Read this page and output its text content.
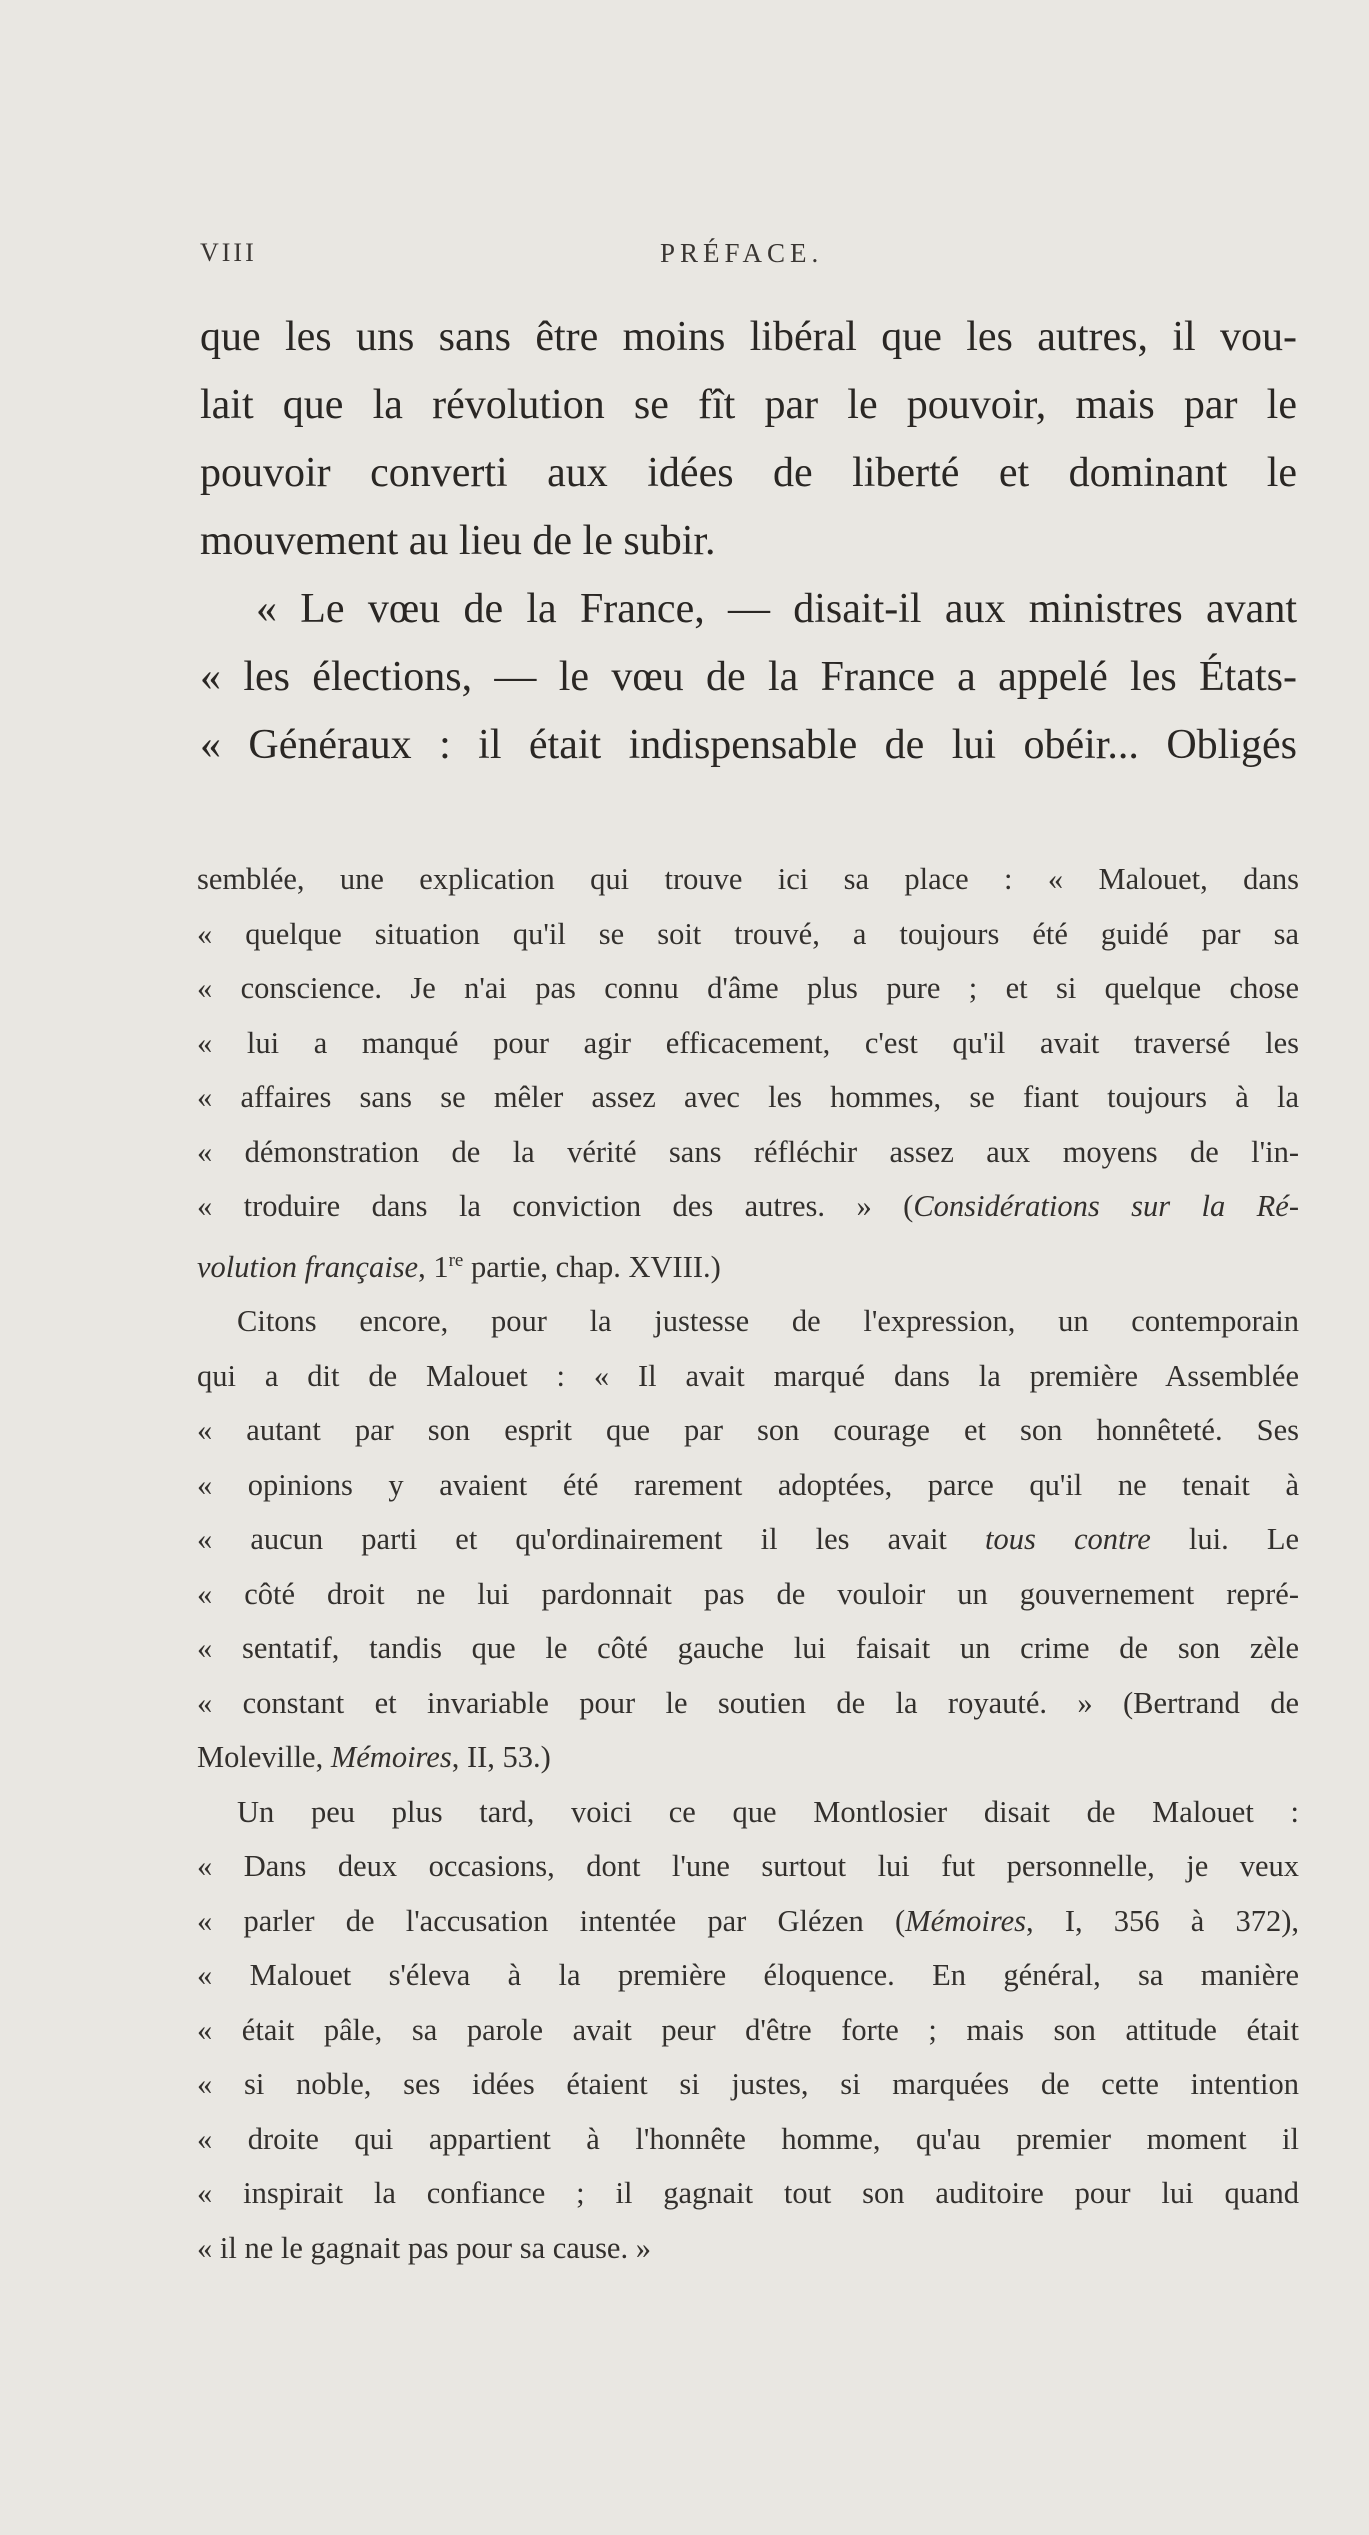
VIII	PRÉFACE.

que les uns sans être moins libéral que les autres, il vou-
lait que la révolution se fît par le pouvoir, mais par le
pouvoir converti aux idées de liberté et dominant le
mouvement au lieu de le subir.

« Le vœu de la France, — disait-il aux ministres avant
« les élections, — le vœu de la France a appelé les États-
« Généraux : il était indispensable de lui obéir... Obligés

semblée, une explication qui trouve ici sa place : « Malouet, dans
« quelque situation qu'il se soit trouvé, a toujours été guidé par sa
« conscience. Je n'ai pas connu d'âme plus pure ; et si quelque chose
« lui a manqué pour agir efficacement, c'est qu'il avait traversé les
« affaires sans se mêler assez avec les hommes, se fiant toujours à la
« démonstration de la vérité sans réfléchir assez aux moyens de l'in-
« troduire dans la conviction des autres. » (Considérations sur la Ré-
volution française, 1re partie, chap. XVIII.)

Citons encore, pour la justesse de l'expression, un contemporain
qui a dit de Malouet : « Il avait marqué dans la première Assemblée
« autant par son esprit que par son courage et son honnêteté. Ses
« opinions y avaient été rarement adoptées, parce qu'il ne tenait à
« aucun parti et qu'ordinairement il les avait tous contre lui. Le
« côté droit ne lui pardonnait pas de vouloir un gouvernement repré-
« sentatif, tandis que le côté gauche lui faisait un crime de son zèle
« constant et invariable pour le soutien de la royauté. » (Bertrand de
Moleville, Mémoires, II, 53.)

Un peu plus tard, voici ce que Montlosier disait de Malouet :
« Dans deux occasions, dont l'une surtout lui fut personnelle, je veux
« parler de l'accusation intentée par Glézen (Mémoires, I, 356 à 372),
« Malouet s'éleva à la première éloquence. En général, sa manière
« était pâle, sa parole avait peur d'être forte ; mais son attitude était
« si noble, ses idées étaient si justes, si marquées de cette intention
« droite qui appartient à l'honnête homme, qu'au premier moment il
« inspirait la confiance ; il gagnait tout son auditoire pour lui quand
« il ne le gagnait pas pour sa cause. »
